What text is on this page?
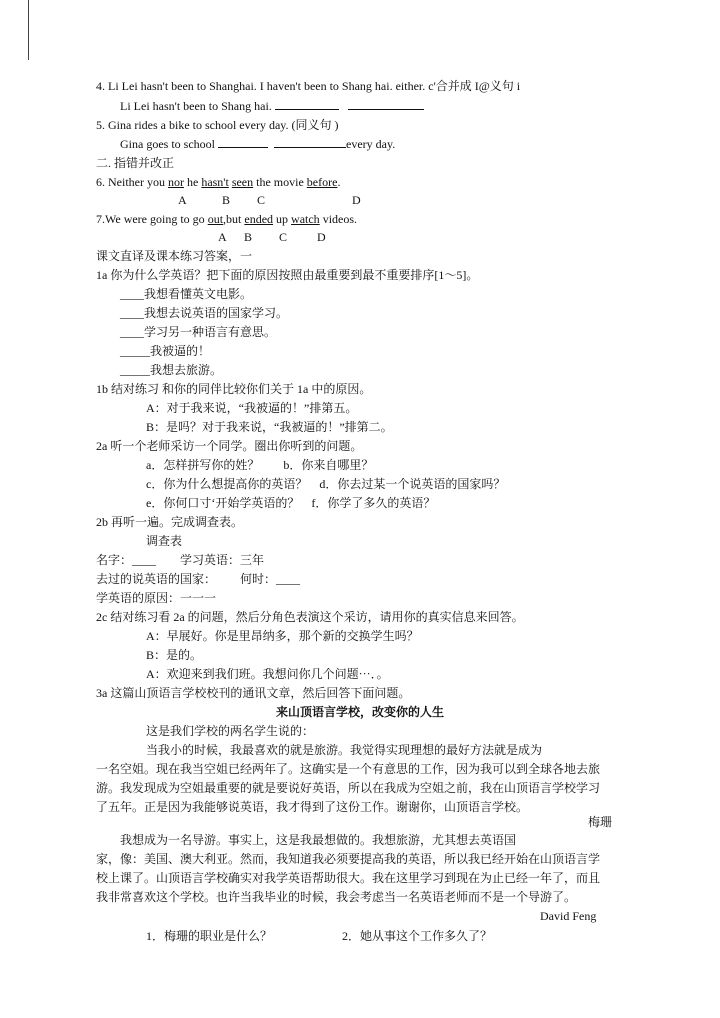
4. Li Lei hasn't been to Shanghai. I haven't been to Shang hai. either. c'合并成 I@义句 i
Li Lei hasn't been to Shang hai.
5. Gina rides a bike to school every day. (同义句 )
Gina goes to school	every day.
二. 指错并改正
6. Neither you nor he hasn't seen the movie before.
A            B         C                             D
7.We were going to go out,but ended up watch videos.
A      B         C          D
课文直译及课本练习答案，一
1a 你为什么学英语？把下面的原因按照由最重要到最不重要排序[1～5]。
____我想看懂英文电影。
____我想去说英语的国家学习。
____学习另一种语言有意思。
_____我被逼的！
_____我想去旅游。
1b 结对练习 和你的同伴比较你们关于 1a 中的原因。
A：对于我来说，“我被逼的！”排第五。
B：是吗？对于我来说，“我被逼的！”排第二。
2a 听一个老师采访一个同学。圈出你听到的问题。
a．怎样拼写你的姓？        b．你来自哪里？
c．你为什么想提高你的英语？    d．你去过某一个说英语的国家吗？
e．你何口寸‘开始学英语的？    f．你学了多久的英语？
2b 再听一遍。完成调查表。
调查表
名字：____        学习英语：三年
去过的说英语的国家：        何时：____
学英语的原因：一一一
2c 结对练习看 2a 的问题，然后分角色表演这个采访，请用你的真实信息来回答。
A：早展好。你是里昂纳多，那个新的交换学生吗？
B：是的。
A：欢迎来到我们班。我想问你几个问题⋯．。
3a 这篇山顶语言学校校刊的通讯文章，然后回答下面问题。
来山顶语言学校，改变你的人生
这是我们学校的两名学生说的：
当我小的时候，我最喜欢的就是旅游。我觉得实现理想的最好方法就是成为
一名空姐。现在我当空姐已经两年了。这确实是一个有意思的工作，因为我可以到全球各地去旅
游。我发现成为空姐最重要的就是要说好英语，所以在我成为空姐之前，我在山顶语言学校学习
了五年。正是因为我能够说英语，我才得到了这份工作。谢谢你，山顶语言学校。
梅珊
我想成为一名导游。事实上，这是我最想做的。我想旅游，尤其想去英语国
家，像：美国、澳大利亚。然而，我知道我必须要提高我的英语，所以我已经开始在山顶语言学
校上课了。山顶语言学校确实对我学英语帮助很大。我在这里学习到现在为止已经一年了，而且
我非常喜欢这个学校。也许当我毕业的时候，我会考虑当一名英语老师而不是一个导游了。
David Feng
1．梅珊的职业是什么？	2．她从事这个工作多久了？
